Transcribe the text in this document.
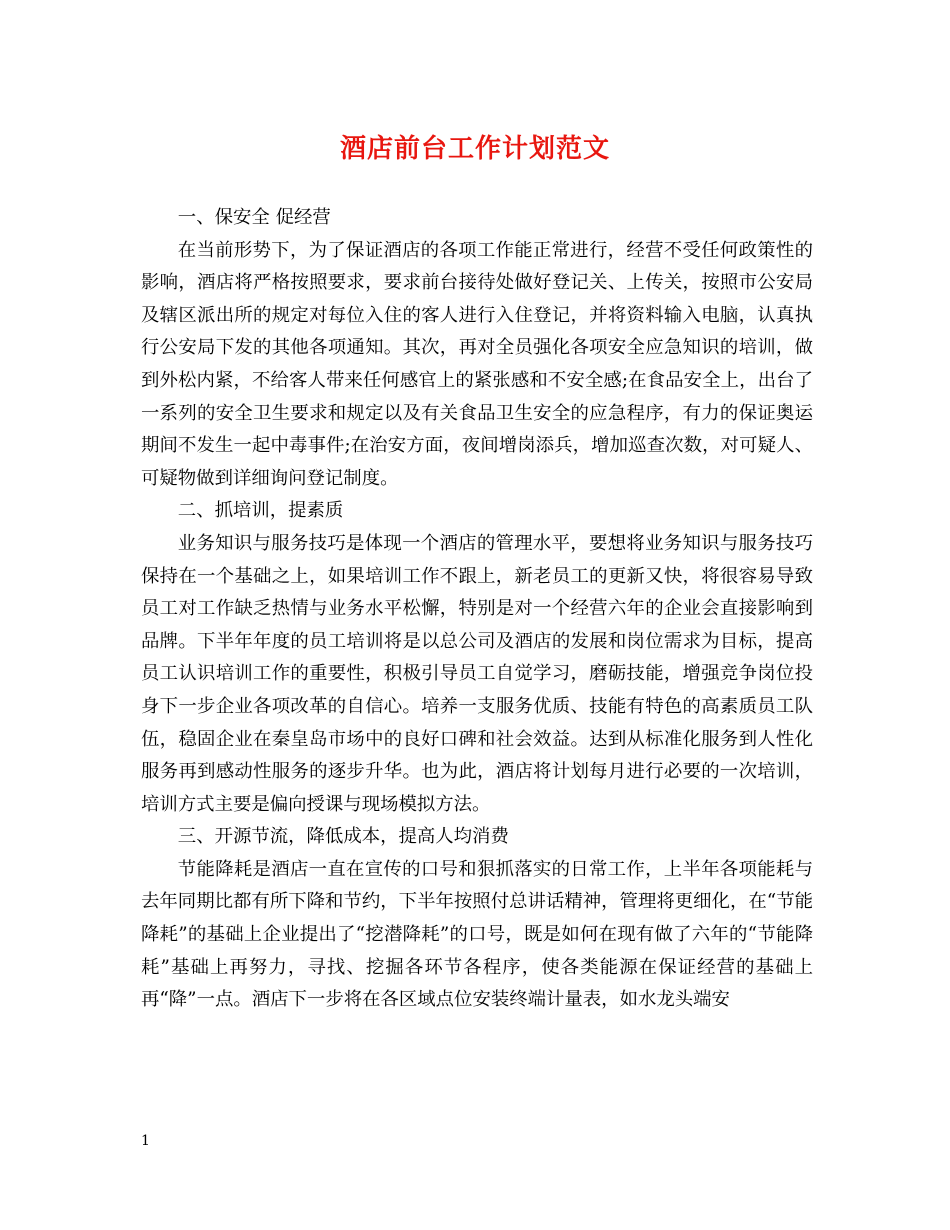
酒店前台工作计划范文

一、保安全 促经营

在当前形势下，为了保证酒店的各项工作能正常进行，经营不受任何政策性的影响，酒店将严格按照要求，要求前台接待处做好登记关、上传关，按照市公安局及辖区派出所的规定对每位入住的客人进行入住登记，并将资料输入电脑，认真执行公安局下发的其他各项通知。其次，再对全员强化各项安全应急知识的培训，做到外松内紧，不给客人带来任何感官上的紧张感和不安全感;在食品安全上，出台了一系列的安全卫生要求和规定以及有关食品卫生安全的应急程序，有力的保证奥运期间不发生一起中毒事件;在治安方面，夜间增岗添兵，增加巡查次数，对可疑人、可疑物做到详细询问登记制度。

二、抓培训，提素质

业务知识与服务技巧是体现一个酒店的管理水平，要想将业务知识与服务技巧保持在一个基础之上，如果培训工作不跟上，新老员工的更新又快，将很容易导致员工对工作缺乏热情与业务水平松懈，特别是对一个经营六年的企业会直接影响到品牌。下半年年度的员工培训将是以总公司及酒店的发展和岗位需求为目标，提高员工认识培训工作的重要性，积极引导员工自觉学习，磨砺技能，增强竞争岗位投身下一步企业各项改革的自信心。培养一支服务优质、技能有特色的高素质员工队伍，稳固企业在秦皇岛市场中的良好口碑和社会效益。达到从标准化服务到人性化服务再到感动性服务的逐步升华。也为此，酒店将计划每月进行必要的一次培训，培训方式主要是偏向授课与现场模拟方法。

三、开源节流，降低成本，提高人均消费

节能降耗是酒店一直在宣传的口号和狠抓落实的日常工作，上半年各项能耗与去年同期比都有所下降和节约，下半年按照付总讲话精神，管理将更细化，在“节能降耗”的基础上企业提出了“挖潜降耗”的口号，既是如何在现有做了六年的“节能降耗”基础上再努力，寻找、挖掘各环节各程序，使各类能源在保证经营的基础上再“降”一点。酒店下一步将在各区域点位安装终端计量表，如水龙头端安

1
